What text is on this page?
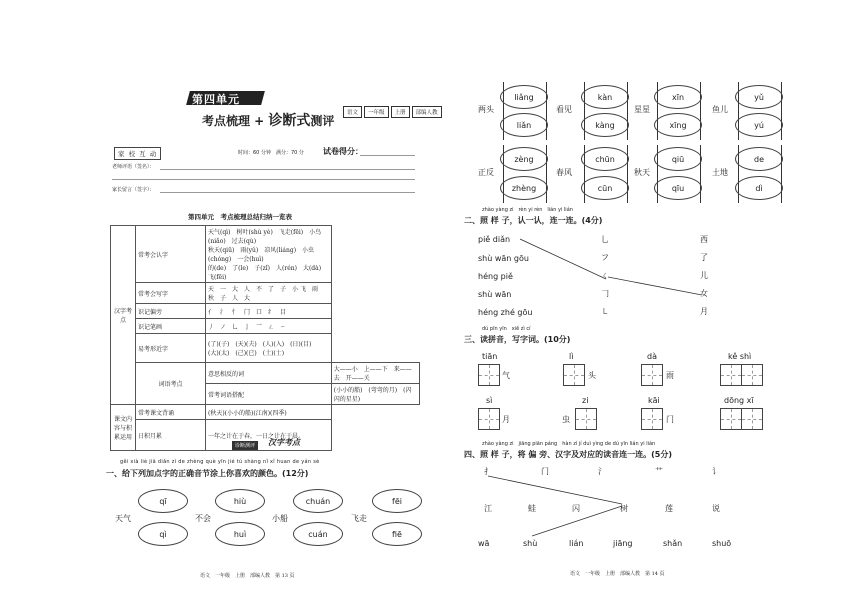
第四单元
考点梳理 + 诊断式测评
语文	一年级	上册	部编人教
家 校 互 动	时间：60 分钟　满分：70 分 试卷得分：
老师评语（签名）：
家长留言（签字）：
第四单元　考点梳理总结归纳一览表
汉字考点	常考会认字	天气(qì)　树叶(shù yè)　飞走(fēi)　小鸟(niǎo)　过去(qù)
秋天(qiū)　雨(yǔ)　凉风(liáng)　小虫(chóng)　一会(huì)
的(de)　了(le)　子(zǐ)　人(rén)　大(dà)　飞(fēi)	

	常考会写字	天　一　大　人　不　了　子　小 飞　雨　秋　子　人　大	
	识记偏旁	亻　氵　忄　门　口　纟　目	
	识记笔画	丿　ノ　乚　亅　乛　ㄥ　㇀	
	易考形近字	(了)(子)　(天)(夫)　(人)(入)　(日)(目)
(大)(太)　(己)(已)　(土)(士)	

	词语考点	意思相反的词	大——小　上——下　来——去　开——关
		常考词语搭配	(小小的船)　(弯弯的月)　(闪闪的星星)
课文内容与积累运用	常考课文背诵	(秋天)(小小的船)(江南)(四季)	
	日积月累	一年之计在于春，一日之计在于晨。	
诊断测评	汉字考点
gěi xià liè jiā diǎn zì de zhèng què yīn jié tú shàng nǐ xǐ huan de yán sè
一、给下列加点字的正确音节涂上你喜欢的颜色。(12分)
天气
qī
qì
不会
hiù
huì
小船
chuán
cuán
飞走
fēi
fiē
语文　一年级　上册　部编人教　第 13 页
两头
liǎng
liǎn
看见
kàn
kàng
星星
xīn
xīng
鱼儿
yǔ
yú
正反
zèng
zhèng
春风
chūn
cūn
秋天
qiū
qīu
土地
de
dì
zhào yàng zi　rèn yi rèn　lián yi lián
二、照 样 子，认一认，连一连。(4分)
piě diǎn
shù wān gōu
héng piě
shù wān
héng zhé gōu
乚
フ
ㄑ
𠃌
㇄
西
了
儿
女
月
dú pīn yīn　xiě zì cí
三、读拼音，写字词。(10分)
tiān
气
lì
头
dà
雨
kě shì
sì
月
zi
虫
kāi
门
dōng xī
zhào yàng zi　jiāng piān páng　hàn zì jí duì yìng de dú yīn lián yi lián
四、照 样 子，将 偏 旁、汉字及对应的读音连一连。(5分)
扌	门	氵	艹	讠
江	蛙	闪	树	莲	说
wā	shù	lián	jiāng	shǎn	shuō
语文　一年级　上册　部编人教　第 14 页
